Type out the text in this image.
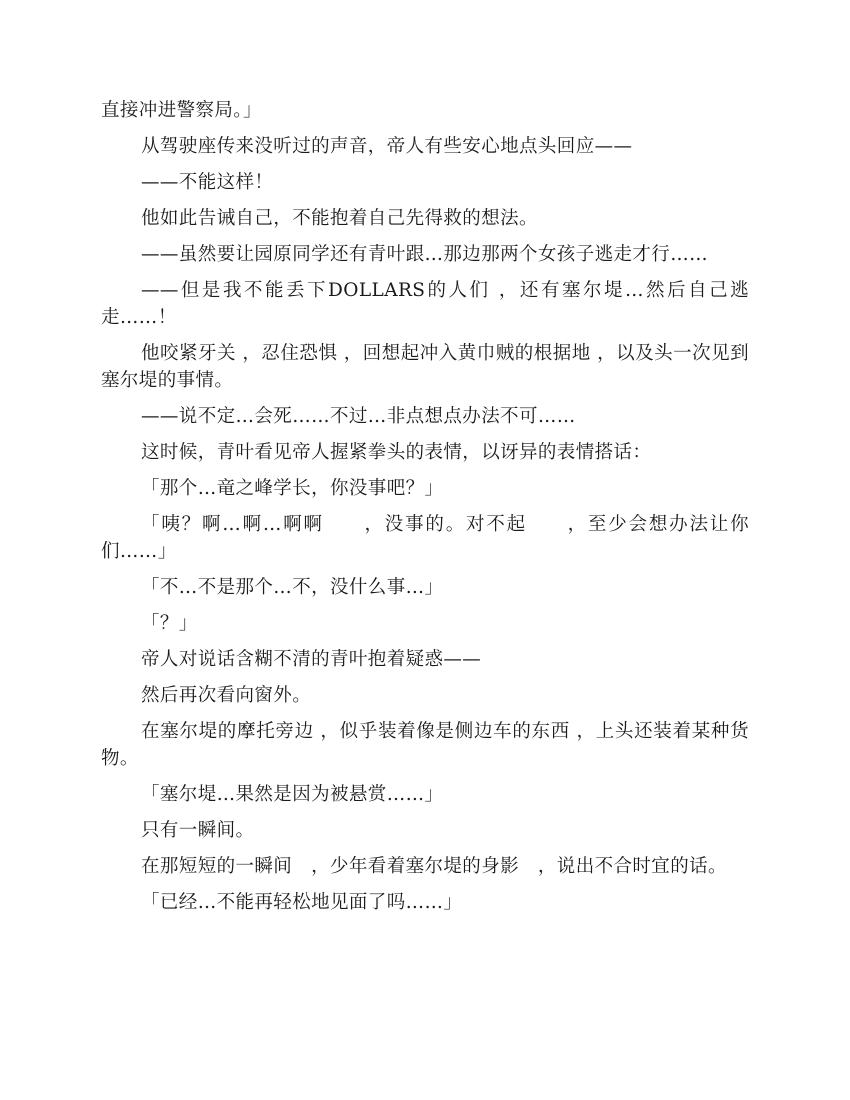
直接冲进警察局。」

从驾驶座传来没听过的声音，帝人有些安心地点头回应——

——不能这样！

他如此告诫自己，不能抱着自己先得救的想法。

——虽然要让园原同学还有青叶跟…那边那两个女孩子逃走才行……

——但是我不能丢下DOLLARS的人们 ，还有塞尔堤…然后自己逃走……！

他咬紧牙关 ，忍住恐惧 ，回想起冲入黄巾贼的根据地 ，以及头一次见到塞尔堤的事情。

——说不定…会死……不过…非点想点办法不可……

这时候，青叶看见帝人握紧拳头的表情，以讶异的表情搭话：

「那个…竜之峰学长，你没事吧？」

「咦？啊…啊…啊啊　　，没事的。对不起　　，至少会想办法让你们……」

「不…不是那个…不，没什么事…」

「？」

帝人对说话含糊不清的青叶抱着疑惑——

然后再次看向窗外。

在塞尔堤的摩托旁边 ，似乎装着像是侧边车的东西 ，上头还装着某种货物。

「塞尔堤…果然是因为被悬赏……」

只有一瞬间。

在那短短的一瞬间　，少年看着塞尔堤的身影　，说出不合时宜的话。

「已经…不能再轻松地见面了吗……」
